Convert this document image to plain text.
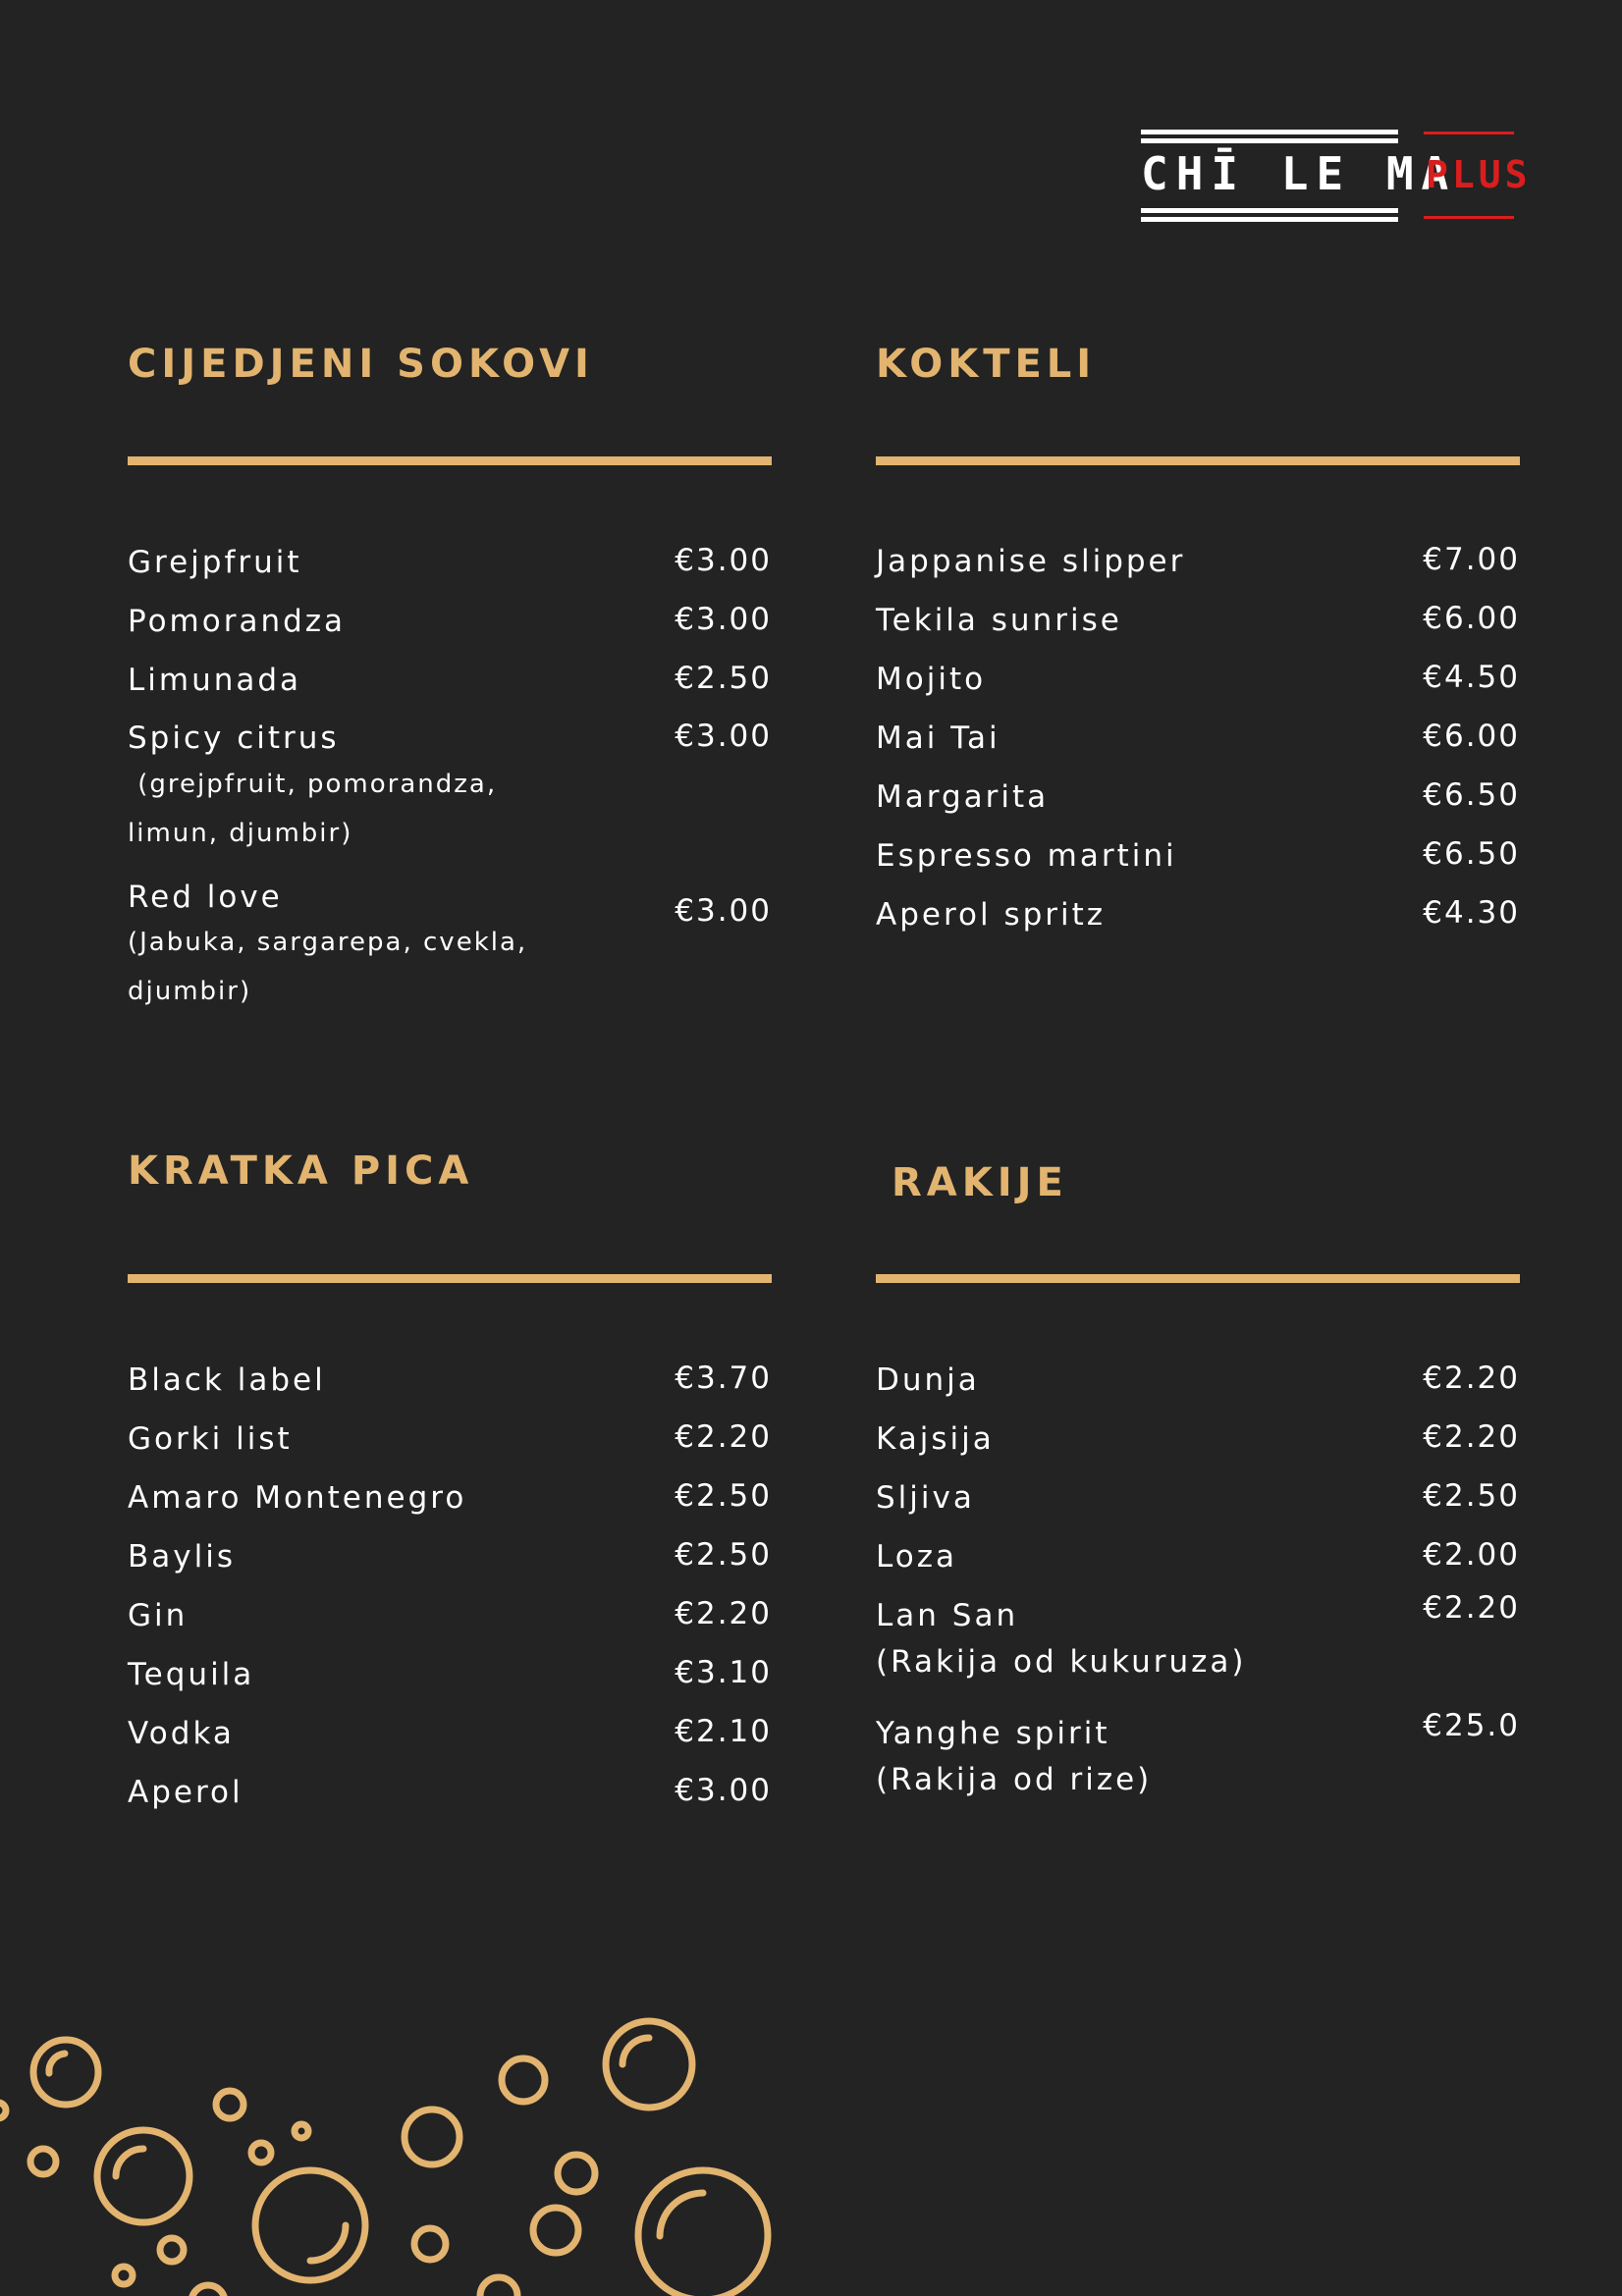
CHĪ LE MA
PLUS
CIJEDJENI SOKOVI
Grejpfruit	€3.00
Pomorandza	€3.00
Limunada	€2.50
Spicy citrus	€3.00
(grejpfruit, pomorandza,
limun, djumbir)
Red love	€3.00
(Jabuka, sargarepa, cvekla,
djumbir)
KOKTELI
Jappanise slipper	€7.00
Tekila sunrise	€6.00
Mojito	€4.50
Mai Tai	€6.00
Margarita	€6.50
Espresso martini	€6.50
Aperol spritz	€4.30
KRATKA PICA
Black label	€3.70
Gorki list	€2.20
Amaro Montenegro	€2.50
Baylis	€2.50
Gin	€2.20
Tequila	€3.10
Vodka	€2.10
Aperol	€3.00
RAKIJE
Dunja	€2.20
Kajsija	€2.20
Sljiva	€2.50
Loza	€2.00
Lan San	€2.20
(Rakija od kukuruza)
Yanghe spirit	€25.0
(Rakija od rize)
